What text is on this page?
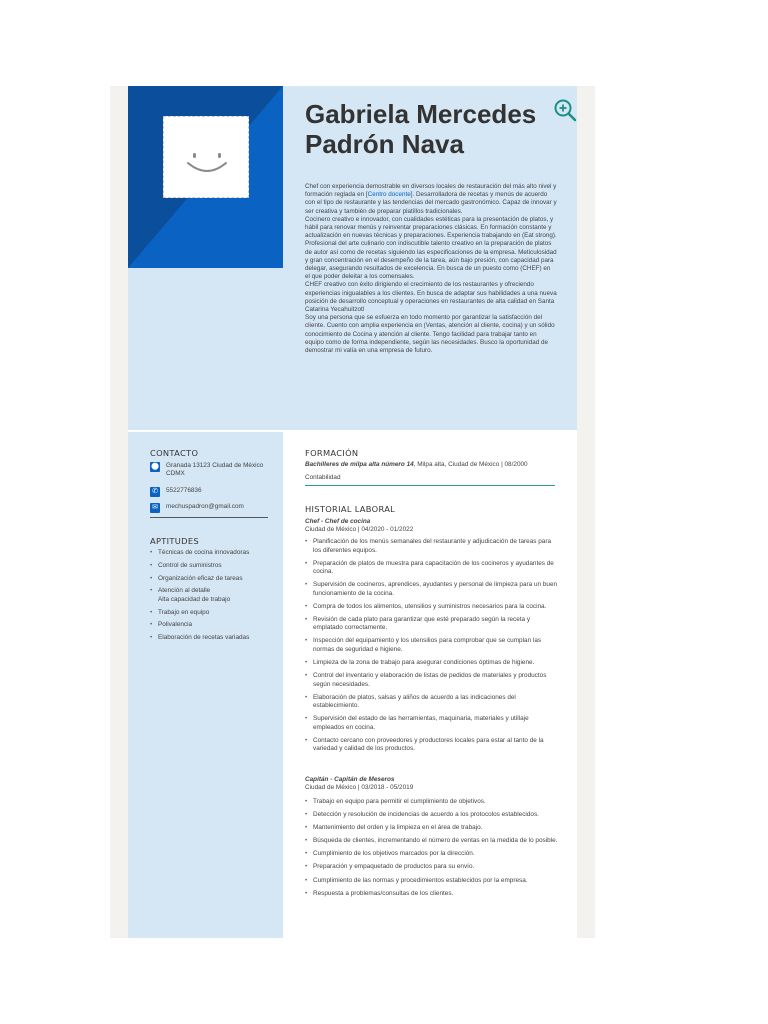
Gabriela Mercedes
Padrón Nava

Chef con experiencia demostrable en diversos locales de restauración del más alto nivel y formación reglada en [Centro docente]. Desarrolladora de recetas y menús de acuerdo con el tipo de restaurante y las tendencias del mercado gastronómico. Capaz de innovar y ser creativa y también de preparar platillos tradicionales.

Cocinero creativo e innovador, con cualidades estéticas para la presentación de platos, y hábil para renovar menús y reinventar preparaciones clásicas. En formación constante y actualización en nuevas técnicas y preparaciones. Experiencia trabajando en (Eat strong).

Profesional del arte culinario con indiscutible talento creativo en la preparación de platos de autor así como de recetas siguiendo las especificaciones de la empresa. Meticulosidad y gran concentración en el desempeño de la tarea, aún bajo presión, con capacidad para delegar, asegurando resultados de excelencia. En busca de un puesto como (CHEF) en el que poder deleitar a los comensales.

CHEF creativo con éxito dirigiendo el crecimiento de los restaurantes y ofreciendo experiencias inigualables a los clientes. En busca de adaptar sus habilidades a una nueva posición de desarrollo conceptual y operaciones en restaurantes de alta calidad en Santa Catarina Yecahuitzotl

Soy una persona que se esfuerza en todo momento por garantizar la satisfacción del cliente. Cuento con amplia experiencia en (Ventas, atención al cliente, cocina) y un sólido conocimiento de Cocina y atención al cliente. Tengo facilidad para trabajar tanto en equipo como de forma independiente, según las necesidades. Busco la oportunidad de demostrar mi valía en una empresa de futuro.

CONTACTO
⬤ Granada 13123 Ciudad de México CDMX
✆	5522776836
✉	mechuspadron@gmail.com
APTITUDES
• Técnicas de cocina innovadoras
• Control de suministros
• Organización eficaz de tareas
• Atención al detalle
Alta capacidad de trabajo
• Trabajo en equipo
• Polivalencia
• Elaboración de recetas variadas
FORMACIÓN
Bachilleres de milpa alta número 14, Milpa alta, Ciudad de México | 08/2000
Contabilidad
HISTORIAL LABORAL
Chef - Chef de cocina
Ciudad de México | 04/2020 - 01/2022
• Planificación de los menús semanales del restaurante y adjudicación de tareas para los diferentes equipos.
• Preparación de platos de muestra para capacitación de los cocineros y ayudantes de cocina.
• Supervisión de cocineros, aprendices, ayudantes y personal de limpieza para un buen funcionamiento de la cocina.
• Compra de todos los alimentos, utensilios y suministros necesarios para la cocina.
• Revisión de cada plato para garantizar que esté preparado según la receta y emplatado correctamente.
• Inspección del equipamiento y los utensilios para comprobar que se cumplan las normas de seguridad e higiene.
• Limpieza de la zona de trabajo para asegurar condiciones óptimas de higiene.
• Control del inventario y elaboración de listas de pedidos de materiales y productos según necesidades.
• Elaboración de platos, salsas y aliños de acuerdo a las indicaciones del establecimiento.
• Supervisión del estado de las herramientas, maquinaria, materiales y utillaje empleados en cocina.
• Contacto cercano con proveedores y productores locales para estar al tanto de la variedad y calidad de los productos.
Capitán - Capitán de Meseros
Ciudad de México | 03/2018 - 05/2019
• Trabajo en equipo para permitir el cumplimiento de objetivos.
• Detección y resolución de incidencias de acuerdo a los protocolos establecidos.
• Mantenimiento del orden y la limpieza en el área de trabajo.
• Búsqueda de clientes, incrementando el número de ventas en la medida de lo posible.
• Cumplimiento de los objetivos marcados por la dirección.
• Preparación y empaquetado de productos para su envío.
• Cumplimiento de las normas y procedimientos establecidos por la empresa.
• Respuesta a problemas/consultas de los clientes.
